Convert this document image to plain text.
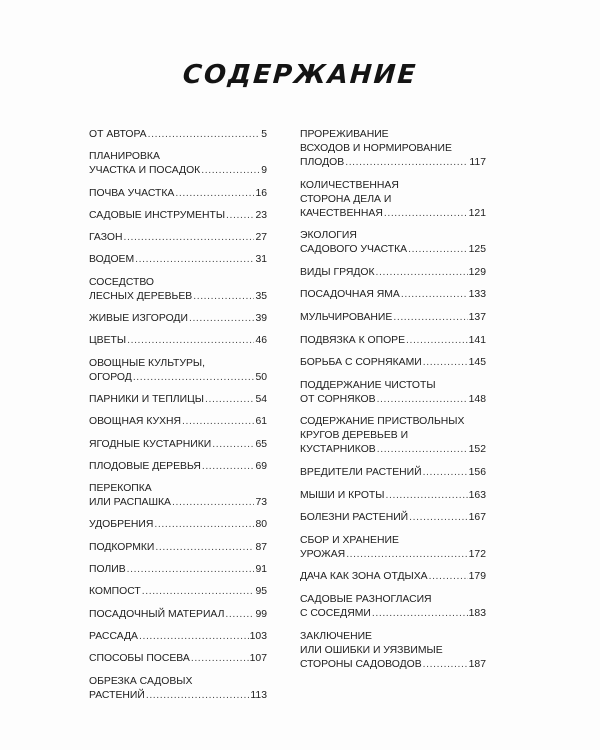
СОДЕРЖАНИЕ
ОТ АВТОРА .....	5
ПЛАНИРОВКА
УЧАСТКА И ПОСАДОК .....	9
ПОЧВА УЧАСТКА .....	16
САДОВЫЕ ИНСТРУМЕНТЫ .....	23
ГАЗОН .....	27
ВОДОЕМ .....	31
СОСЕДСТВО
ЛЕСНЫХ ДЕРЕВЬЕВ .....	35
ЖИВЫЕ ИЗГОРОДИ .....	39
ЦВЕТЫ .....	46
ОВОЩНЫЕ КУЛЬТУРЫ,
ОГОРОД .....	50
ПАРНИКИ И ТЕПЛИЦЫ .....	54
ОВОЩНАЯ КУХНЯ .....	61
ЯГОДНЫЕ КУСТАРНИКИ .....	65
ПЛОДОВЫЕ ДЕРЕВЬЯ .....	69
ПЕРЕКОПКА
ИЛИ РАСПАШКА .....	73
УДОБРЕНИЯ .....	80
ПОДКОРМКИ .....	87
ПОЛИВ .....	91
КОМПОСТ .....	95
ПОСАДОЧНЫЙ МАТЕРИАЛ .....	99
РАССАДА .....	103
СПОСОБЫ ПОСЕВА .....	107
ОБРЕЗКА САДОВЫХ
РАСТЕНИЙ .....	113
ПРОРЕЖИВАНИЕ
ВСХОДОВ И НОРМИРОВАНИЕ
ПЛОДОВ .....	117
КОЛИЧЕСТВЕННАЯ
СТОРОНА ДЕЛА И
КАЧЕСТВЕННАЯ .....	121
ЭКОЛОГИЯ
САДОВОГО УЧАСТКА .....	125
ВИДЫ ГРЯДОК .....	129
ПОСАДОЧНАЯ ЯМА .....	133
МУЛЬЧИРОВАНИЕ .....	137
ПОДВЯЗКА К ОПОРЕ .....	141
БОРЬБА С СОРНЯКАМИ .....	145
ПОДДЕРЖАНИЕ ЧИСТОТЫ
ОТ СОРНЯКОВ .....	148
СОДЕРЖАНИЕ ПРИСТВОЛЬНЫХ
КРУГОВ ДЕРЕВЬЕВ И
КУСТАРНИКОВ .....	152
ВРЕДИТЕЛИ РАСТЕНИЙ .....	156
МЫШИ И КРОТЫ .....	163
БОЛЕЗНИ РАСТЕНИЙ .....	167
СБОР И ХРАНЕНИЕ
УРОЖАЯ .....	172
ДАЧА КАК ЗОНА ОТДЫХА .....	179
САДОВЫЕ РАЗНОГЛАСИЯ
С СОСЕДЯМИ .....	183
ЗАКЛЮЧЕНИЕ
ИЛИ ОШИБКИ И УЯЗВИМЫЕ
СТОРОНЫ САДОВОДОВ .....	187
